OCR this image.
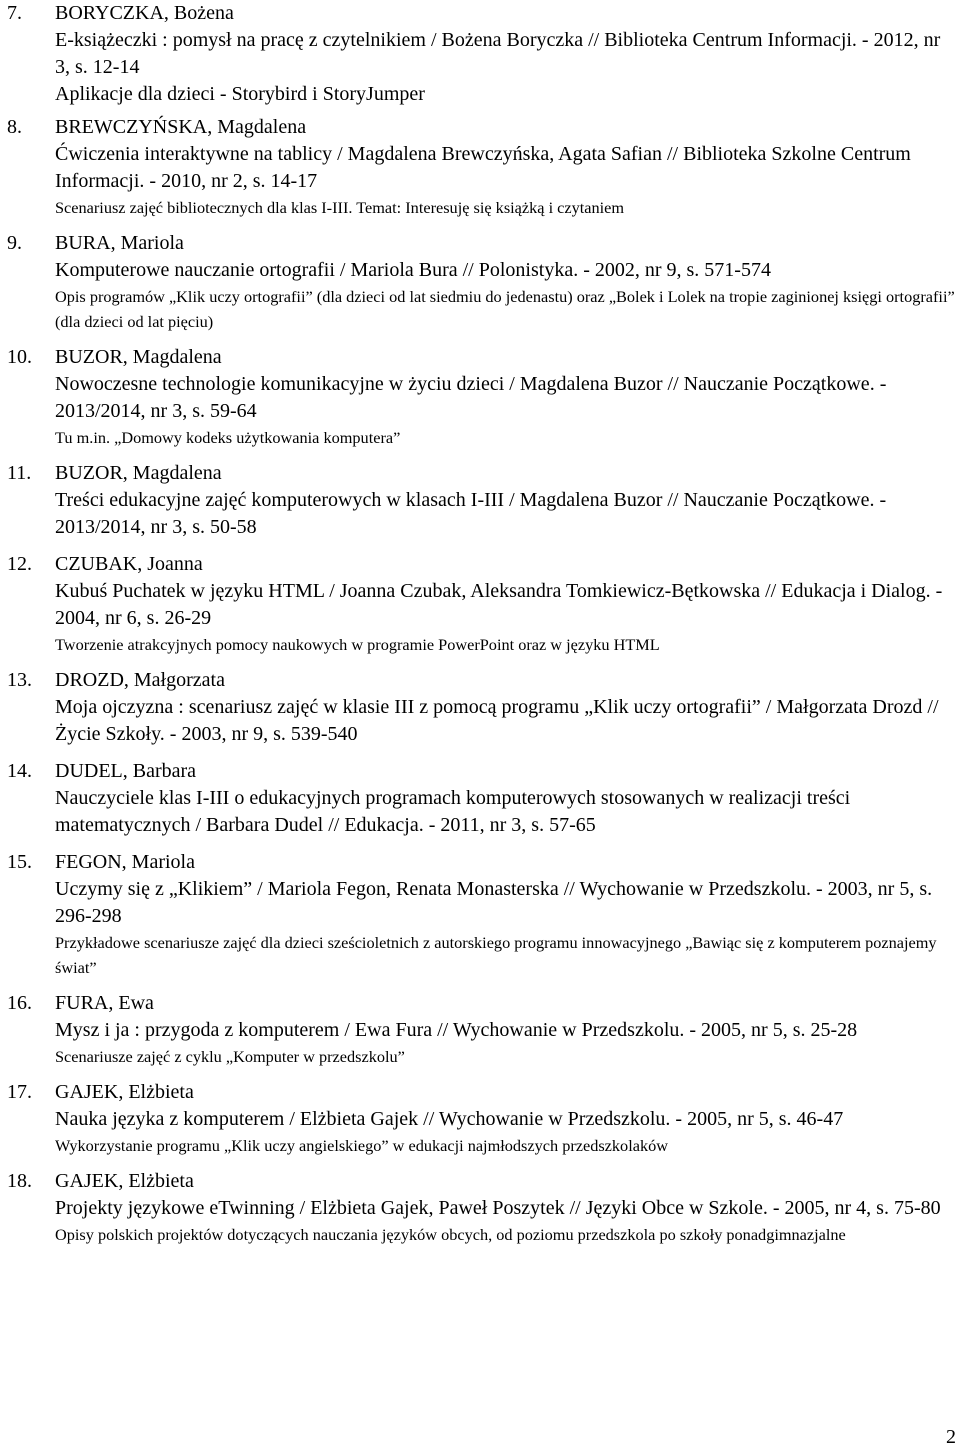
7. BORYCZKA, Bożena
E-książeczki : pomysł na pracę z czytelnikiem / Bożena Boryczka // Biblioteka Centrum Informacji. - 2012, nr 3, s. 12-14
Aplikacje dla dzieci - Storybird i StoryJumper
8. BREWCZYŃSKA, Magdalena
Ćwiczenia interaktywne na tablicy / Magdalena Brewczyńska, Agata Safian // Biblioteka Szkolne Centrum Informacji. - 2010, nr 2, s. 14-17
Scenariusz zajęć bibliotecznych dla klas I-III. Temat: Interesuję się książką i czytaniem
9. BURA, Mariola
Komputerowe nauczanie ortografii / Mariola Bura // Polonistyka. - 2002, nr 9, s. 571-574
Opis programów „Klik uczy ortografii” (dla dzieci od lat siedmiu do jedenastu) oraz „Bolek i Lolek na tropie zaginionej księgi ortografii” (dla dzieci od lat pięciu)
10. BUZOR, Magdalena
Nowoczesne technologie komunikacyjne w życiu dzieci / Magdalena Buzor // Nauczanie Początkowe. - 2013/2014, nr 3, s. 59-64
Tu m.in. „Domowy kodeks użytkowania komputera”
11. BUZOR, Magdalena
Treści edukacyjne zajęć komputerowych w klasach I-III / Magdalena Buzor // Nauczanie Początkowe. - 2013/2014, nr 3, s. 50-58
12. CZUBAK, Joanna
Kubuś Puchatek w języku HTML / Joanna Czubak, Aleksandra Tomkiewicz-Bętkowska // Edukacja i Dialog. - 2004, nr 6, s. 26-29
Tworzenie atrakcyjnych pomocy naukowych w programie PowerPoint oraz w języku HTML
13. DROZD, Małgorzata
Moja ojczyzna : scenariusz zajęć w klasie III z pomocą programu „Klik uczy ortografii” / Małgorzata Drozd // Życie Szkoły. - 2003, nr 9, s. 539-540
14. DUDEL, Barbara
Nauczyciele klas I-III o edukacyjnych programach komputerowych stosowanych w realizacji treści matematycznych / Barbara Dudel // Edukacja. - 2011, nr 3, s. 57-65
15. FEGON, Mariola
Uczymy się z „Klikiem” / Mariola Fegon, Renata Monasterska // Wychowanie w Przedszkolu. - 2003, nr 5, s. 296-298
Przykładowe scenariusze zajęć dla dzieci sześcioletnich z autorskiego programu innowacyjnego „Bawiąc się z komputerem poznajemy świat”
16. FURA, Ewa
Mysz i ja : przygoda z komputerem / Ewa Fura // Wychowanie w Przedszkolu. - 2005, nr 5, s. 25-28
Scenariusze zajęć z cyklu „Komputer w przedszkolu”
17. GAJEK, Elżbieta
Nauka języka z komputerem / Elżbieta Gajek // Wychowanie w Przedszkolu. - 2005, nr 5, s. 46-47
Wykorzystanie programu „Klik uczy angielskiego” w edukacji najmłodszych przedszkolaków
18. GAJEK, Elżbieta
Projekty językowe eTwinning / Elżbieta Gajek, Paweł Poszytek // Języki Obce w Szkole. - 2005, nr 4, s. 75-80
Opisy polskich projektów dotyczących nauczania języków obcych, od poziomu przedszkola po szkoły ponadgimnazjalne
2
